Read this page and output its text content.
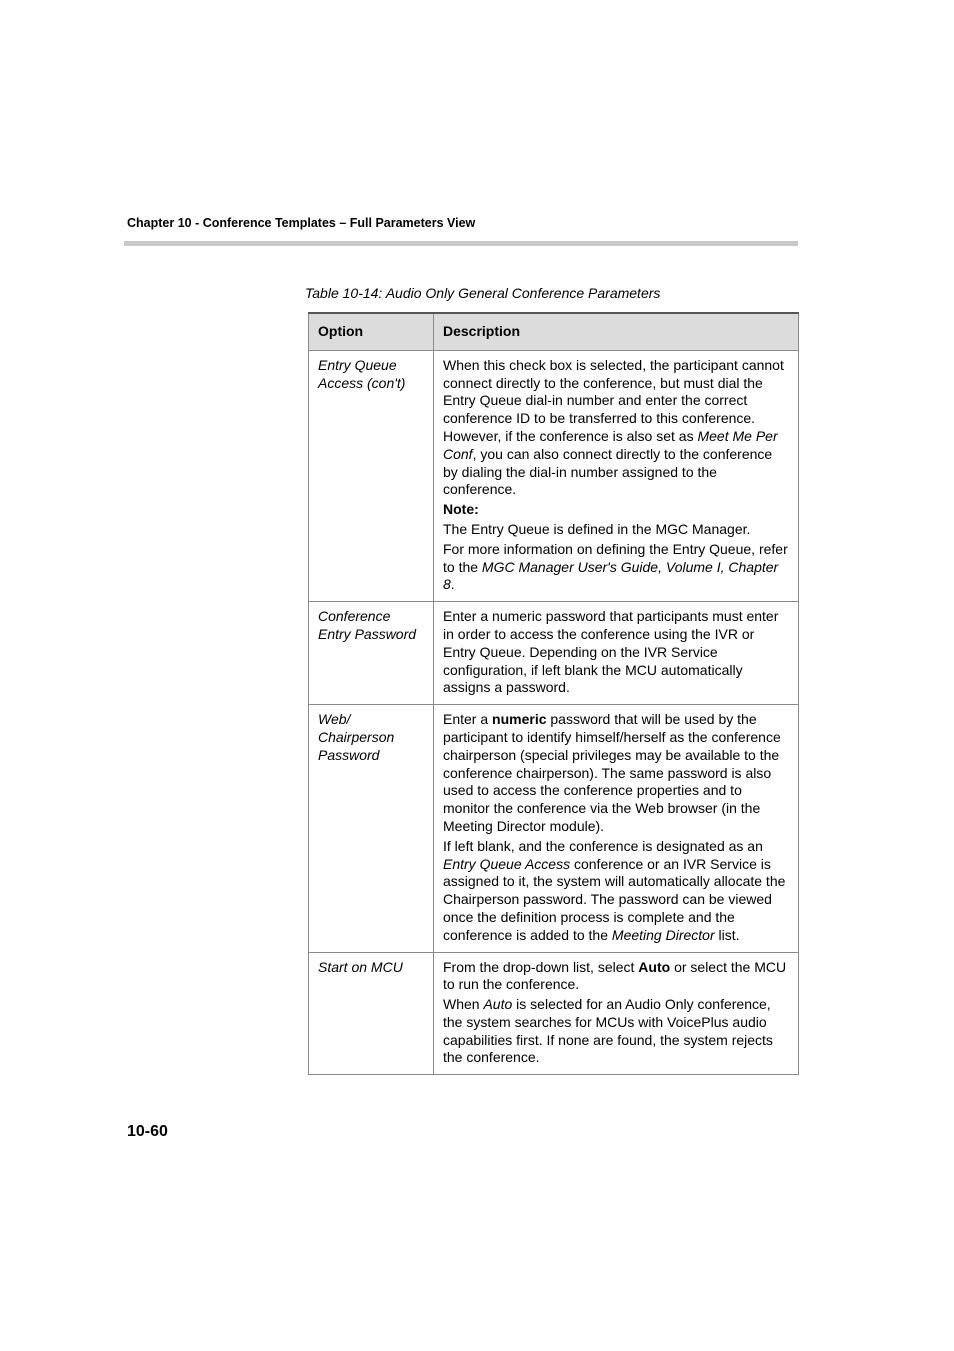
Chapter 10 - Conference Templates – Full Parameters View
Table 10-14: Audio Only General Conference Parameters
Option	Description
Entry Queue Access (con't)	When this check box is selected, the participant cannot connect directly to the conference, but must dial the Entry Queue dial-in number and enter the correct conference ID to be transferred to this conference. However, if the conference is also set as Meet Me Per Conf, you can also connect directly to the conference by dialing the dial-in number assigned to the conference.

Note:

The Entry Queue is defined in the MGC Manager.

For more information on defining the Entry Queue, refer to the MGC Manager User's Guide, Volume I, Chapter 8.

Conference Entry Password	Enter a numeric password that participants must enter in order to access the conference using the IVR or Entry Queue. Depending on the IVR Service configuration, if left blank the MCU automatically assigns a password.

Web/ Chairperson Password	Enter a numeric password that will be used by the participant to identify himself/herself as the conference chairperson (special privileges may be available to the conference chairperson). The same password is also used to access the conference properties and to monitor the conference via the Web browser (in the Meeting Director module).

If left blank, and the conference is designated as an Entry Queue Access conference or an IVR Service is assigned to it, the system will automatically allocate the Chairperson password. The password can be viewed once the definition process is complete and the conference is added to the Meeting Director list.

Start on MCU	From the drop-down list, select Auto or select the MCU to run the conference.

When Auto is selected for an Audio Only conference, the system searches for MCUs with VoicePlus audio capabilities first. If none are found, the system rejects the conference.

10-60
